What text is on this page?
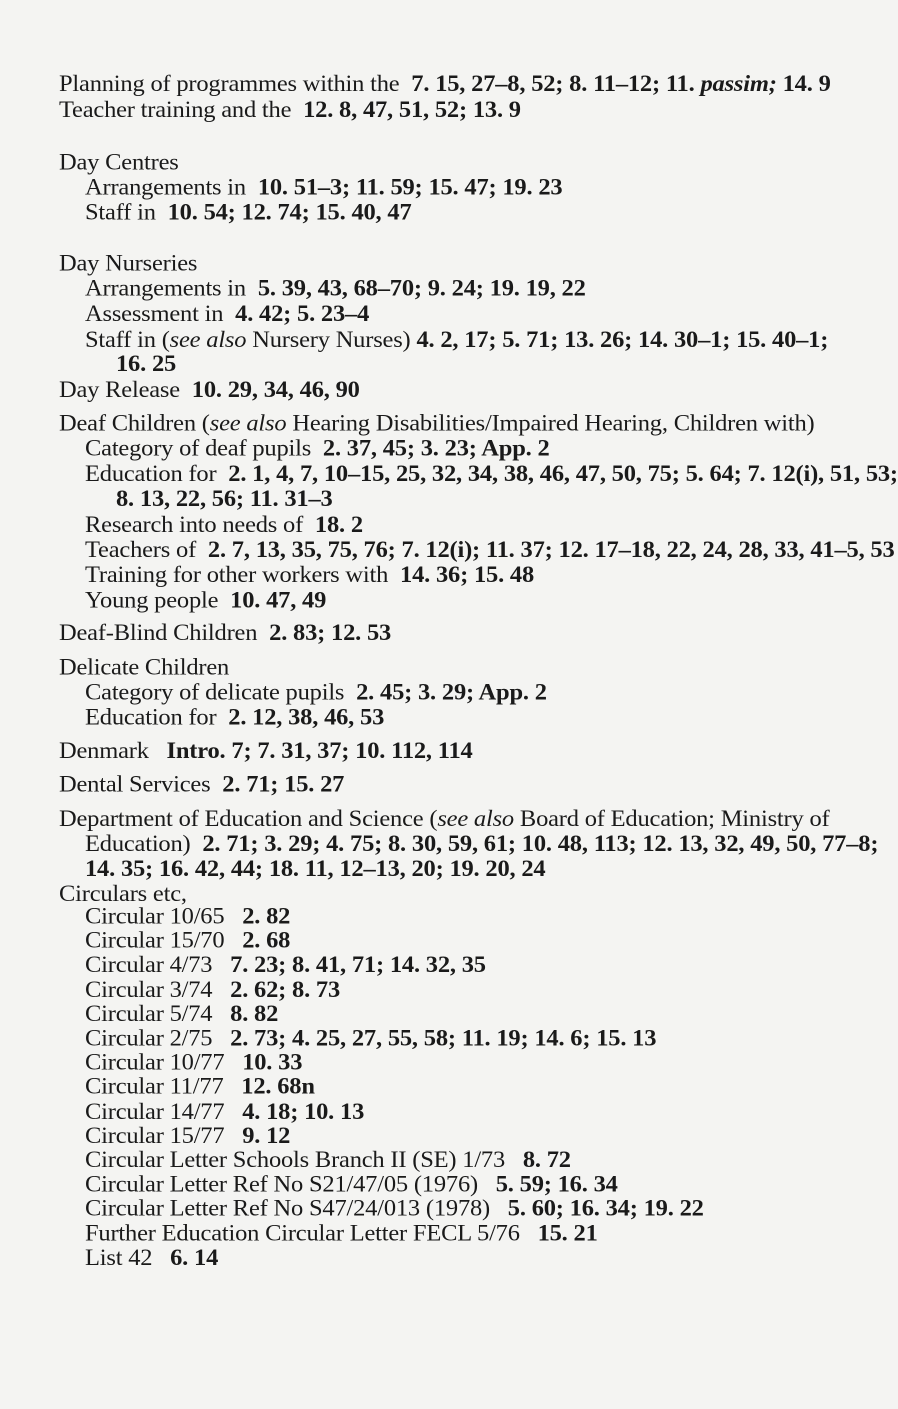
Planning of programmes within the 7. 15, 27–8, 52; 8. 11–12; 11. passim; 14. 9
Teacher training and the 12. 8, 47, 51, 52; 13. 9
Day Centres
Arrangements in 10. 51–3; 11. 59; 15. 47; 19. 23
Staff in 10. 54; 12. 74; 15. 40, 47
Day Nurseries
Arrangements in 5. 39, 43, 68–70; 9. 24; 19. 19, 22
Assessment in 4. 42; 5. 23–4
Staff in (see also Nursery Nurses) 4. 2, 17; 5. 71; 13. 26; 14. 30–1; 15. 40–1;
16. 25
Day Release 10. 29, 34, 46, 90
Deaf Children (see also Hearing Disabilities/Impaired Hearing, Children with)
Category of deaf pupils 2. 37, 45; 3. 23; App. 2
Education for 2. 1, 4, 7, 10–15, 25, 32, 34, 38, 46, 47, 50, 75; 5. 64; 7. 12(i), 51, 53;
8. 13, 22, 56; 11. 31–3
Research into needs of 18. 2
Teachers of 2. 7, 13, 35, 75, 76; 7. 12(i); 11. 37; 12. 17–18, 22, 24, 28, 33, 41–5, 53
Training for other workers with 14. 36; 15. 48
Young people 10. 47, 49
Deaf-Blind Children 2. 83; 12. 53
Delicate Children
Category of delicate pupils 2. 45; 3. 29; App. 2
Education for 2. 12, 38, 46, 53
Denmark Intro. 7; 7. 31, 37; 10. 112, 114
Dental Services 2. 71; 15. 27
Department of Education and Science (see also Board of Education; Ministry of
Education) 2. 71; 3. 29; 4. 75; 8. 30, 59, 61; 10. 48, 113; 12. 13, 32, 49, 50, 77–8;
14. 35; 16. 42, 44; 18. 11, 12–13, 20; 19. 20, 24
Circulars etc,
Circular 10/65 2. 82
Circular 15/70 2. 68
Circular 4/73 7. 23; 8. 41, 71; 14. 32, 35
Circular 3/74 2. 62; 8. 73
Circular 5/74 8. 82
Circular 2/75 2. 73; 4. 25, 27, 55, 58; 11. 19; 14. 6; 15. 13
Circular 10/77 10. 33
Circular 11/77 12. 68n
Circular 14/77 4. 18; 10. 13
Circular 15/77 9. 12
Circular Letter Schools Branch II (SE) 1/73 8. 72
Circular Letter Ref No S21/47/05 (1976) 5. 59; 16. 34
Circular Letter Ref No S47/24/013 (1978) 5. 60; 16. 34; 19. 22
Further Education Circular Letter FECL 5/76 15. 21
List 42 6. 14
